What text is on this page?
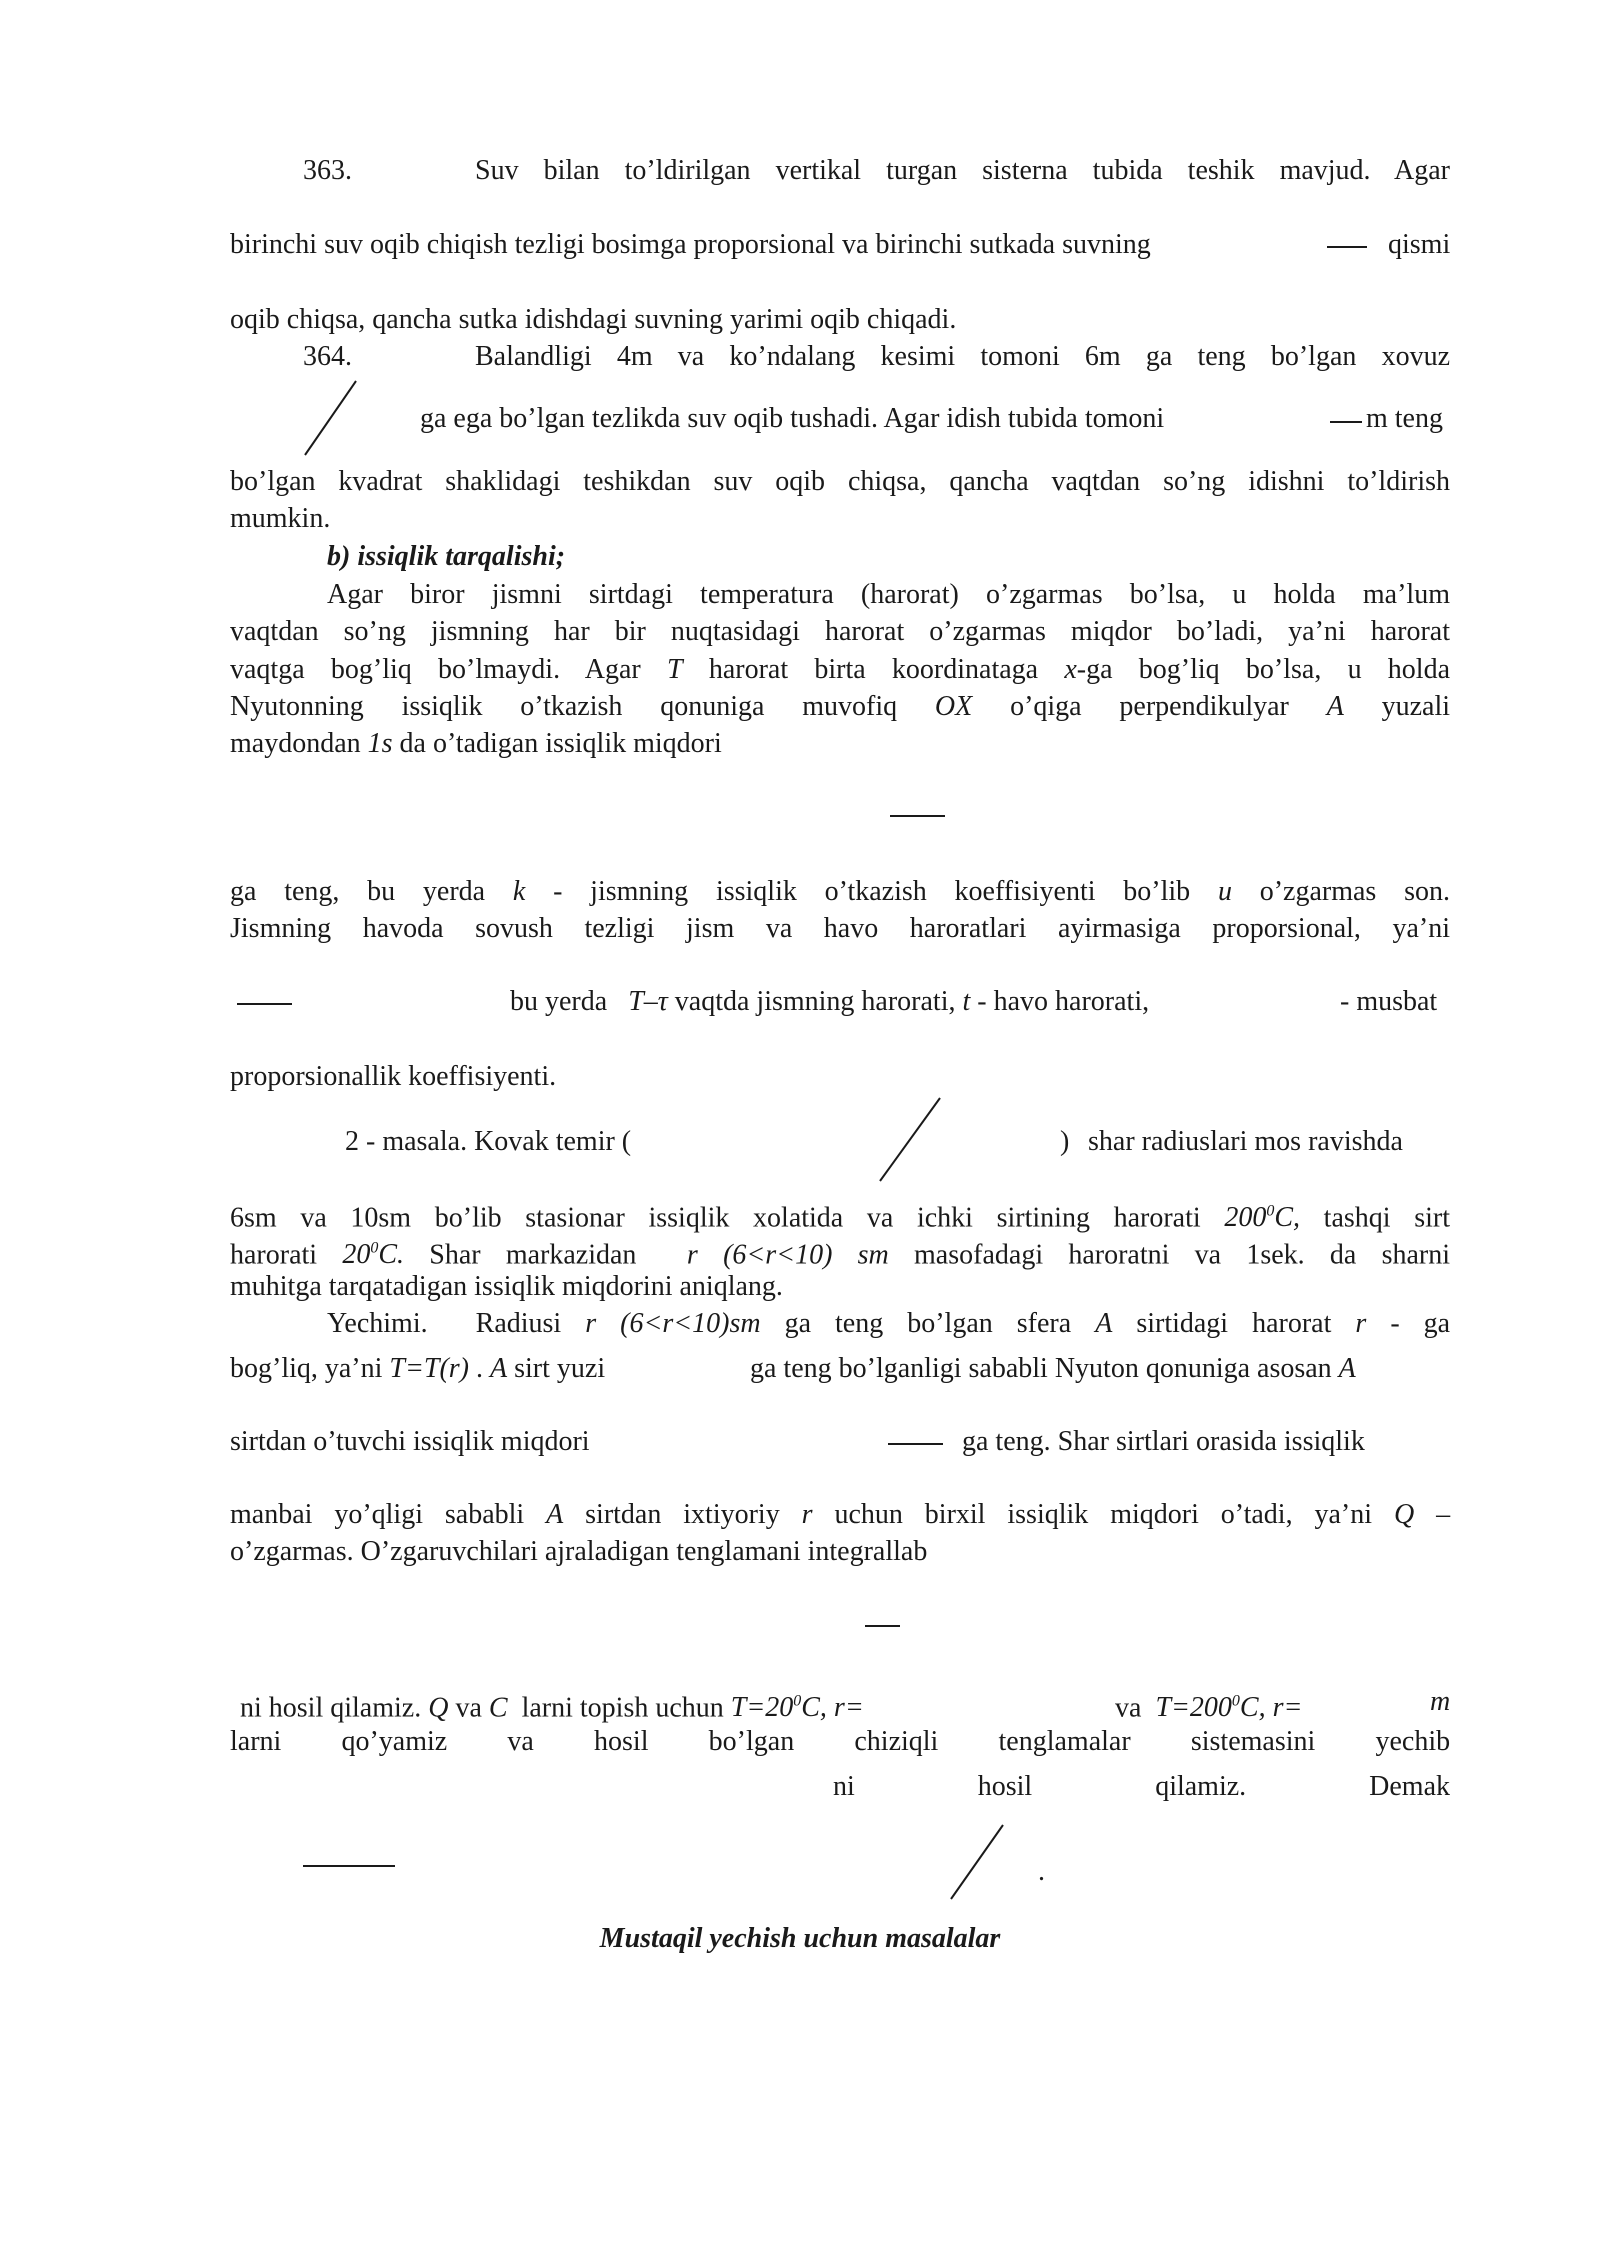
363.	Suv bilan to’ldirilgan vertikal turgan sisterna tubida teshik mavjud. Agar
birinchi suv oqib chiqish tezligi bosimga proporsional va birinchi sutkada suvning	qismi
oqib chiqsa, qancha sutka idishdagi suvning yarimi oqib chiqadi.
364.	Balandligi 4m va ko’ndalang kesimi tomoni 6m ga teng bo’lgan xovuz
ga ega bo’lgan tezlikda suv oqib tushadi. Agar idish tubida tomoni	m teng
bo’lgan kvadrat shaklidagi teshikdan suv oqib chiqsa, qancha vaqtdan so’ng idishni to’ldirish
mumkin.
b) issiqlik tarqalishi;
Agar biror jismni sirtdagi temperatura (harorat) o’zgarmas bo’lsa, u holda ma’lum
vaqtdan so’ng jismning har bir nuqtasidagi harorat o’zgarmas miqdor bo’ladi, ya’ni harorat
vaqtga bog’liq bo’lmaydi. Agar T harorat birta koordinataga x-ga bog’liq bo’lsa, u holda
Nyutonning issiqlik o’tkazish qonuniga muvofiq OX o’qiga perpendikulyar A yuzali
maydondan 1s da o’tadigan issiqlik miqdori
ga teng, bu yerda k - jismning issiqlik o’tkazish koeffisiyenti bo’lib u o’zgarmas son.
Jismning havoda sovush tezligi jism va havo haroratlari ayirmasiga proporsional, ya’ni
bu yerda T–τ vaqtda jismning harorati, t - havo harorati,	- musbat
proporsionallik koeffisiyenti.
2 - masala. Kovak temir (	) shar radiuslari mos ravishda
6sm va 10sm bo’lib stasionar issiqlik xolatida va ichki sirtining harorati $200^0C$, tashqi sirt
harorati $20^0C$. Shar markazidan r (6<r<10) sm masofadagi haroratni va 1sek. da sharni
muhitga tarqatadigan issiqlik miqdorini aniqlang.
Yechimi. Radiusi r (6<r<10)sm ga teng bo’lgan sfera A sirtidagi harorat r - ga
bog’liq, ya’ni T=T(r) . A sirt yuzi	ga teng bo’lganligi sababli Nyuton qonuniga asosan A
sirtdan o’tuvchi issiqlik miqdori	ga teng. Shar sirtlari orasida issiqlik
manbai yo’qligi sababli A sirtdan ixtiyoriy r uchun birxil issiqlik miqdori o’tadi, ya’ni Q –
o’zgarmas. O’zgaruvchilari ajraladigan tenglamani integrallab
ni hosil qilamiz. Q va C larni topish uchun $T=20^0C$, r=	va $T=200^0C$, r=	m
larni qo’yamiz va hosil bo’lgan chiziqli tenglamalar sistemasini yechib
ni	hosil	qilamiz.	Demak
.
Mustaqil yechish uchun masalalar
